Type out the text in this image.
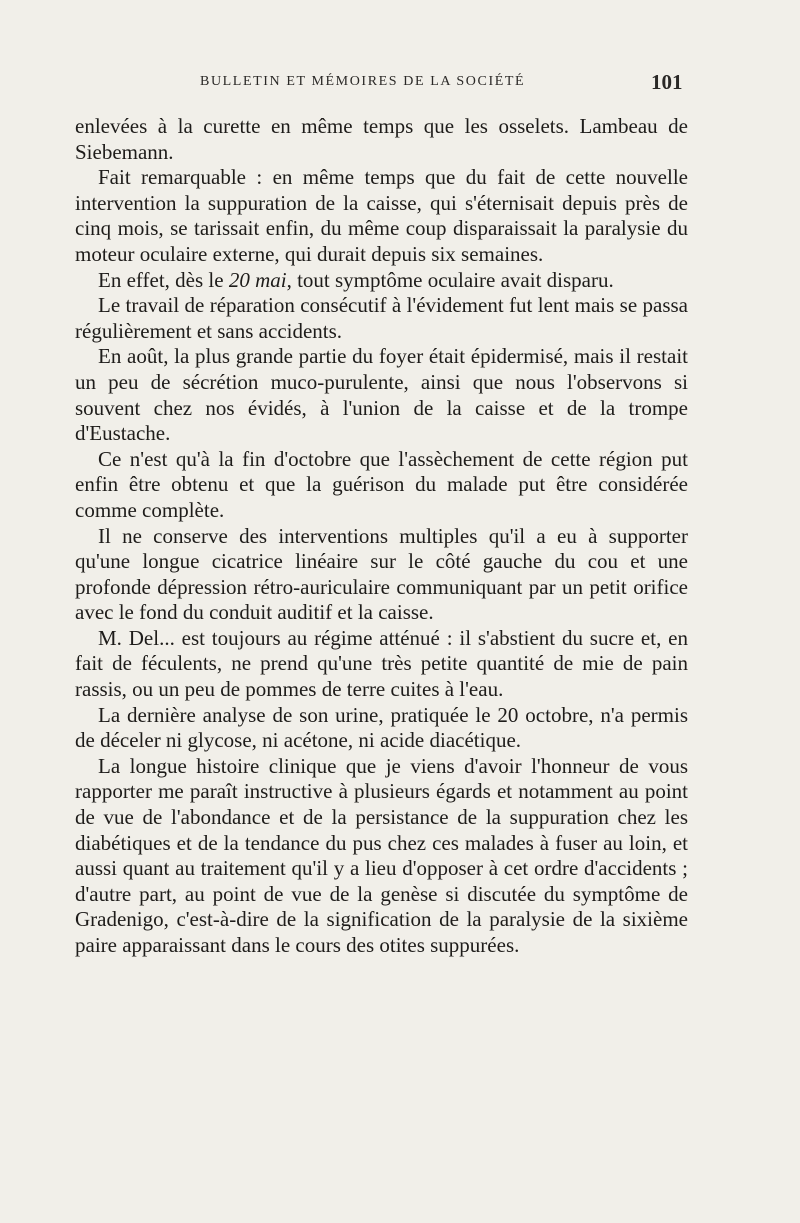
BULLETIN ET MÉMOIRES DE LA SOCIÉTÉ	101

enlevées à la curette en même temps que les osselets. Lambeau de Siebemann.

Fait remarquable : en même temps que du fait de cette nouvelle intervention la suppuration de la caisse, qui s'éternisait depuis près de cinq mois, se tarissait enfin, du même coup disparaissait la paralysie du moteur oculaire externe, qui durait depuis six semaines.

En effet, dès le 20 mai, tout symptôme oculaire avait disparu.

Le travail de réparation consécutif à l'évidement fut lent mais se passa régulièrement et sans accidents.

En août, la plus grande partie du foyer était épidermisé, mais il restait un peu de sécrétion muco-purulente, ainsi que nous l'observons si souvent chez nos évidés, à l'union de la caisse et de la trompe d'Eustache.

Ce n'est qu'à la fin d'octobre que l'assèchement de cette région put enfin être obtenu et que la guérison du malade put être considérée comme complète.

Il ne conserve des interventions multiples qu'il a eu à supporter qu'une longue cicatrice linéaire sur le côté gauche du cou et une profonde dépression rétro-auriculaire communiquant par un petit orifice avec le fond du conduit auditif et la caisse.

M. Del... est toujours au régime atténué : il s'abstient du sucre et, en fait de féculents, ne prend qu'une très petite quantité de mie de pain rassis, ou un peu de pommes de terre cuites à l'eau.

La dernière analyse de son urine, pratiquée le 20 octobre, n'a permis de déceler ni glycose, ni acétone, ni acide diacétique.

La longue histoire clinique que je viens d'avoir l'honneur de vous rapporter me paraît instructive à plusieurs égards et notamment au point de vue de l'abondance et de la persistance de la suppuration chez les diabétiques et de la tendance du pus chez ces malades à fuser au loin, et aussi quant au traitement qu'il y a lieu d'opposer à cet ordre d'accidents ; d'autre part, au point de vue de la genèse si discutée du symptôme de Gradenigo, c'est-à-dire de la signification de la paralysie de la sixième paire apparaissant dans le cours des otites suppurées.
